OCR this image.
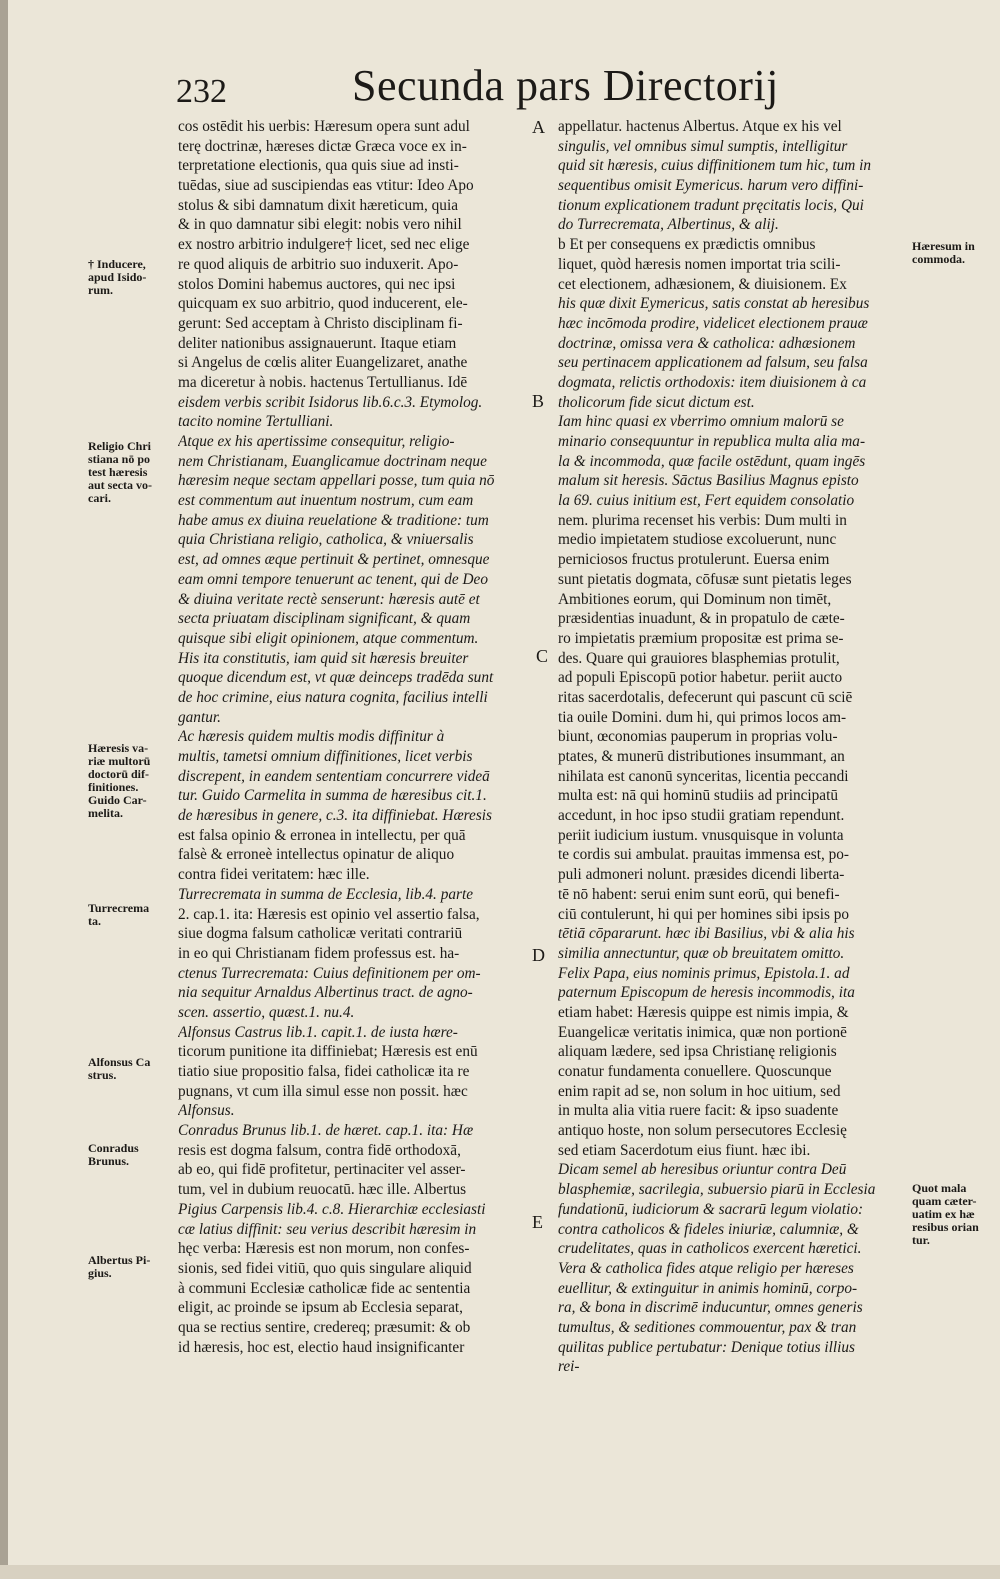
232	Secunda pars Directorij
cos ostēdit his uerbis: Hæresum opera sunt adul
terę doctrinæ, hæreses dictæ Græca voce ex in-
terpretatione electionis, qua quis siue ad insti-
tuēdas, siue ad suscipiendas eas vtitur: Ideo Apo
stolus & sibi damnatum dixit hæreticum, quia
& in quo damnatur sibi elegit: nobis vero nihil
ex nostro arbitrio indulgere† licet, sed nec elige
re quod aliquis de arbitrio suo induxerit. Apo-
stolos Domini habemus auctores, qui nec ipsi
quicquam ex suo arbitrio, quod inducerent, ele-
gerunt: Sed acceptam à Christo disciplinam fi-
deliter nationibus assignauerunt. Itaque etiam
si Angelus de cœlis aliter Euangelizaret, anathe
ma diceretur à nobis. hactenus Tertullianus. Idē
eisdem verbis scribit Isidorus lib.6.c.3. Etymolog.
tacito nomine Tertulliani.
Atque ex his apertissime consequitur, religio-
nem Christianam, Euanglicamue doctrinam neque
hæresim neque sectam appellari posse, tum quia nō
est commentum aut inuentum nostrum, cum eam
habe amus ex diuina reuelatione & traditione: tum
quia Christiana religio, catholica, & vniuersalis
est, ad omnes æque pertinuit & pertinet, omnesque
eam omni tempore tenuerunt ac tenent, qui de Deo
& diuina veritate rectè senserunt: hæresis autē et
secta priuatam disciplinam significant, & quam
quisque sibi eligit opinionem, atque commentum.
His ita constitutis, iam quid sit hæresis breuiter
quoque dicendum est, vt quæ deinceps tradēda sunt
de hoc crimine, eius natura cognita, facilius intelli
gantur.
Ac hæresis quidem multis modis diffinitur à
multis, tametsi omnium diffinitiones, licet verbis
discrepent, in eandem sententiam concurrere videā
tur. Guido Carmelita in summa de hæresibus cit.1.
de hæresibus in genere, c.3. ita diffiniebat. Hæresis
est falsa opinio & erronea in intellectu, per quā
falsè & erroneè intellectus opinatur de aliquo
contra fidei veritatem: hæc ille.
Turrecremata in summa de Ecclesia, lib.4. parte
2. cap.1. ita: Hæresis est opinio vel assertio falsa,
siue dogma falsum catholicæ veritati contrariū
in eo qui Christianam fidem professus est. ha-
ctenus Turrecremata: Cuius definitionem per om-
nia sequitur Arnaldus Albertinus tract. de agno-
scen. assertio, quæst.1. nu.4.
Alfonsus Castrus lib.1. capit.1. de iusta hære-
ticorum punitione ita diffiniebat; Hæresis est enū
tiatio siue propositio falsa, fidei catholicæ ita re
pugnans, vt cum illa simul esse non possit. hæc
Alfonsus.
Conradus Brunus lib.1. de hæret. cap.1. ita: Hæ
resis est dogma falsum, contra fidē orthodoxā,
ab eo, qui fidē profitetur, pertinaciter vel asser-
tum, vel in dubium reuocatū. hæc ille. Albertus
Pigius Carpensis lib.4. c.8. Hierarchiæ ecclesiasti
cæ latius diffinit: seu verius describit hæresim in
hęc verba: Hæresis est non morum, non confes-
sionis, sed fidei vitiū, quo quis singulare aliquid
à communi Ecclesiæ catholicæ fide ac sententia
eligit, ac proinde se ipsum ab Ecclesia separat,
qua se rectius sentire, credereq; præsumit: & ob
id hæresis, hoc est, electio haud insignificanter
appellatur. hactenus Albertus. Atque ex his vel
singulis, vel omnibus simul sumptis, intelligitur
quid sit hæresis, cuius diffinitionem tum hic, tum in
sequentibus omisit Eymericus. harum vero diffini-
tionum explicationem tradunt pręcitatis locis, Qui
do Turrecremata, Albertinus, & alij.
b Et per consequens ex prædictis omnibus
liquet, quòd hæresis nomen importat tria scili-
cet electionem, adhæsionem, & diuisionem. Ex
his quæ dixit Eymericus, satis constat ab heresibus
hæc incōmoda prodire, videlicet electionem prauæ
doctrinæ, omissa vera & catholica: adhæsionem
seu pertinacem applicationem ad falsum, seu falsa
dogmata, relictis orthodoxis: item diuisionem à ca
tholicorum fide sicut dictum est.
Iam hinc quasi ex vberrimo omnium malorū se
minario consequuntur in republica multa alia ma-
la & incommoda, quæ facile ostēdunt, quam ingēs
malum sit heresis. Sāctus Basilius Magnus episto
la 69. cuius initium est, Fert equidem consolatio
nem. plurima recenset his verbis: Dum multi in
medio impietatem studiose excoluerunt, nunc
perniciosos fructus protulerunt. Euersa enim
sunt pietatis dogmata, cōfusæ sunt pietatis leges
Ambitiones eorum, qui Dominum non timēt,
præsidentias inuadunt, & in propatulo de cæte-
ro impietatis præmium propositæ est prima se-
des. Quare qui grauiores blasphemias protulit,
ad populi Episcopū potior habetur. periit aucto
ritas sacerdotalis, defecerunt qui pascunt cū sciē
tia ouile Domini. dum hi, qui primos locos am-
biunt, œconomias pauperum in proprias volu-
ptates, & munerū distributiones insummant, an
nihilata est canonū synceritas, licentia peccandi
multa est: nā qui hominū studiis ad principatū
accedunt, in hoc ipso studii gratiam rependunt.
periit iudicium iustum. vnusquisque in volunta
te cordis sui ambulat. prauitas immensa est, po-
puli admoneri nolunt. præsides dicendi liberta-
tē nō habent: serui enim sunt eorū, qui benefi-
ciū contulerunt, hi qui per homines sibi ipsis po
tētiā cōpararunt. hæc ibi Basilius, vbi & alia his
similia annectuntur, quæ ob breuitatem omitto.
Felix Papa, eius nominis primus, Epistola.1. ad
paternum Episcopum de heresis incommodis, ita
etiam habet: Hæresis quippe est nimis impia, &
Euangelicæ veritatis inimica, quæ non portionē
aliquam lædere, sed ipsa Christianę religionis
conatur fundamenta conuellere. Quoscunque
enim rapit ad se, non solum in hoc uitium, sed
in multa alia vitia ruere facit: & ipso suadente
antiquo hoste, non solum persecutores Ecclesię
sed etiam Sacerdotum eius fiunt. hæc ibi.
Dicam semel ab heresibus oriuntur contra Deū
blasphemiæ, sacrilegia, subuersio piarū in Ecclesia
fundationū, iudiciorum & sacrarū legum violatio:
contra catholicos & fideles iniuriæ, calumniæ, &
crudelitates, quas in catholicos exercent hæretici.
Vera & catholica fides atque religio per hæreses
euellitur, & extinguitur in animis hominū, corpo-
ra, & bona in discrimē inducuntur, omnes generis
tumultus, & seditiones commouentur, pax & tran
quilitas publice pertubatur: Denique totius illius
rei-
A
B
C
D
E
† Inducere,
apud Isido-
rum.
Religio Chri
stiana nō po
test hæresis
aut secta vo-
cari.
Hæresis va-
riæ multorū
doctorū dif-
finitiones.
Guido Car-
melita.
Turrecrema
ta.
Alfonsus Ca
strus.
Conradus
Brunus.
Albertus Pi-
gius.
Hæresum in
commoda.
Quot mala
quam cæter-
uatim ex hæ
resibus orian
tur.
